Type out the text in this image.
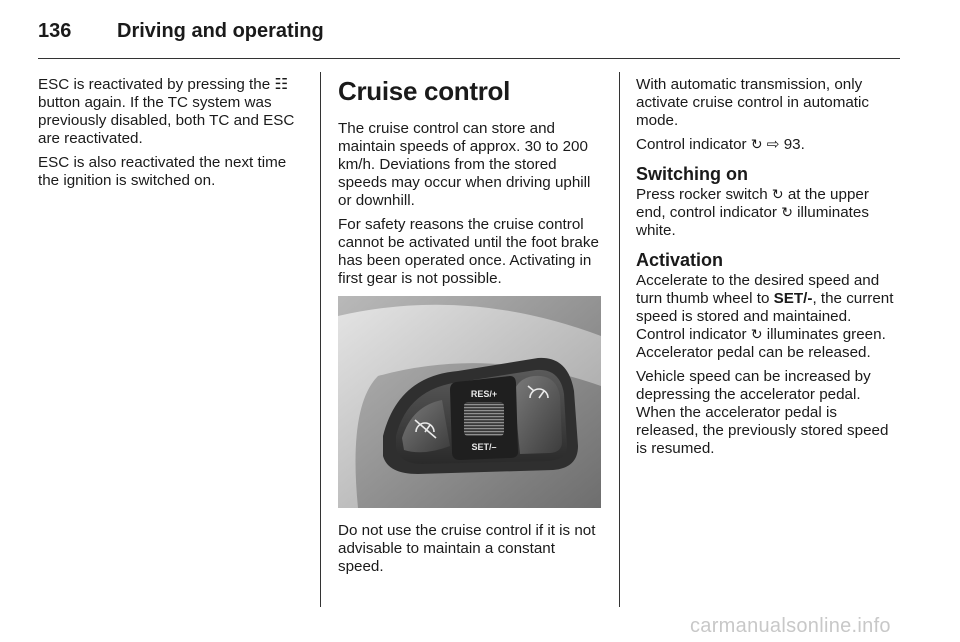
136 Driving and operating

ESC is reactivated by pressing the ☷ button again. If the TC system was previously disabled, both TC and ESC are reactivated.

ESC is also reactivated the next time the ignition is switched on.

Cruise control

The cruise control can store and maintain speeds of approx. 30 to 200 km/h. Deviations from the stored speeds may occur when driving uphill or downhill.

For safety reasons the cruise control cannot be activated until the foot brake has been operated once. Activating in first gear is not possible.

RES/+
SET/–

Do not use the cruise control if it is not advisable to maintain a constant speed.

With automatic transmission, only activate cruise control in automatic mode.

Control indicator ↻ ⇨ 93.

Switching on

Press rocker switch ↻ at the upper end, control indicator ↻ illuminates white.

Activation

Accelerate to the desired speed and turn thumb wheel to SET/-, the current speed is stored and maintained. Control indicator ↻ illuminates green. Accelerator pedal can be released.

Vehicle speed can be increased by depressing the accelerator pedal. When the accelerator pedal is released, the previously stored speed is resumed.

carmanualsonline.info
